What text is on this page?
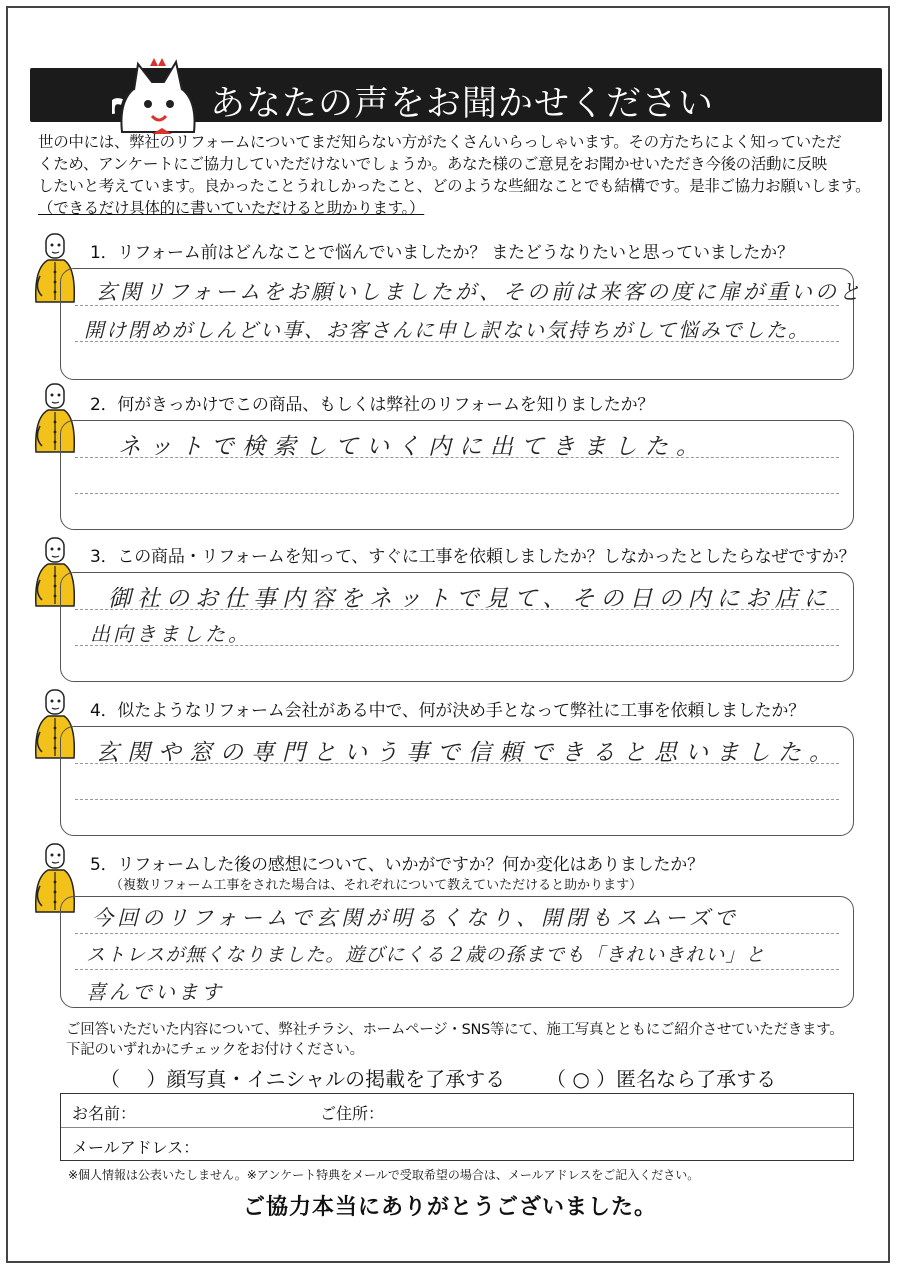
あなたの声をお聞かせください

世の中には、弊社のリフォームについてまだ知らない方がたくさんいらっしゃいます。その方たちによく知っていただ

くため、アンケートにご協力していただけないでしょうか。あなた様のご意見をお聞かせいただき今後の活動に反映

したいと考えています。良かったことうれしかったこと、どのような些細なことでも結構です。是非ご協力お願いします。

（できるだけ具体的に書いていただけると助かります。）

1．リフォーム前はどんなことで悩んでいましたか？ またどうなりたいと思っていましたか？
玄関リフォームをお願いしましたが、その前は来客の度に扉が重いのと
開け閉めがしんどい事、お客さんに申し訳ない気持ちがして悩みでした。
2．何がきっかけでこの商品、もしくは弊社のリフォームを知りましたか？
ネットで検索していく内に出てきました。
3．この商品・リフォームを知って、すぐに工事を依頼しましたか？しなかったとしたらなぜですか？
御社のお仕事内容をネットで見て、その日の内にお店に
出向きました。
4．似たようなリフォーム会社がある中で、何が決め手となって弊社に工事を依頼しましたか？
玄関や窓の専門という事で信頼できると思いました。
5．リフォームした後の感想について、いかがですか？何か変化はありましたか？
（複数リフォーム工事をされた場合は、それぞれについて教えていただけると助かります）
今回のリフォームで玄関が明るくなり、開閉もスムーズで
ストレスが無くなりました。遊びにくる２歳の孫までも「きれいきれい」と
喜んでいます
ご回答いただいた内容について、弊社チラシ、ホームページ・SNS等にて、施工写真とともにご紹介させていただきます。
下記のいずれかにチェックをお付けください。
（　 ）顔写真・イニシャルの掲載を了承する （ ○ ）匿名なら了承する
お名前：	ご住所：
メールアドレス：
※個人情報は公表いたしません。※アンケート特典をメールで受取希望の場合は、メールアドレスをご記入ください。
ご協力本当にありがとうございました。
